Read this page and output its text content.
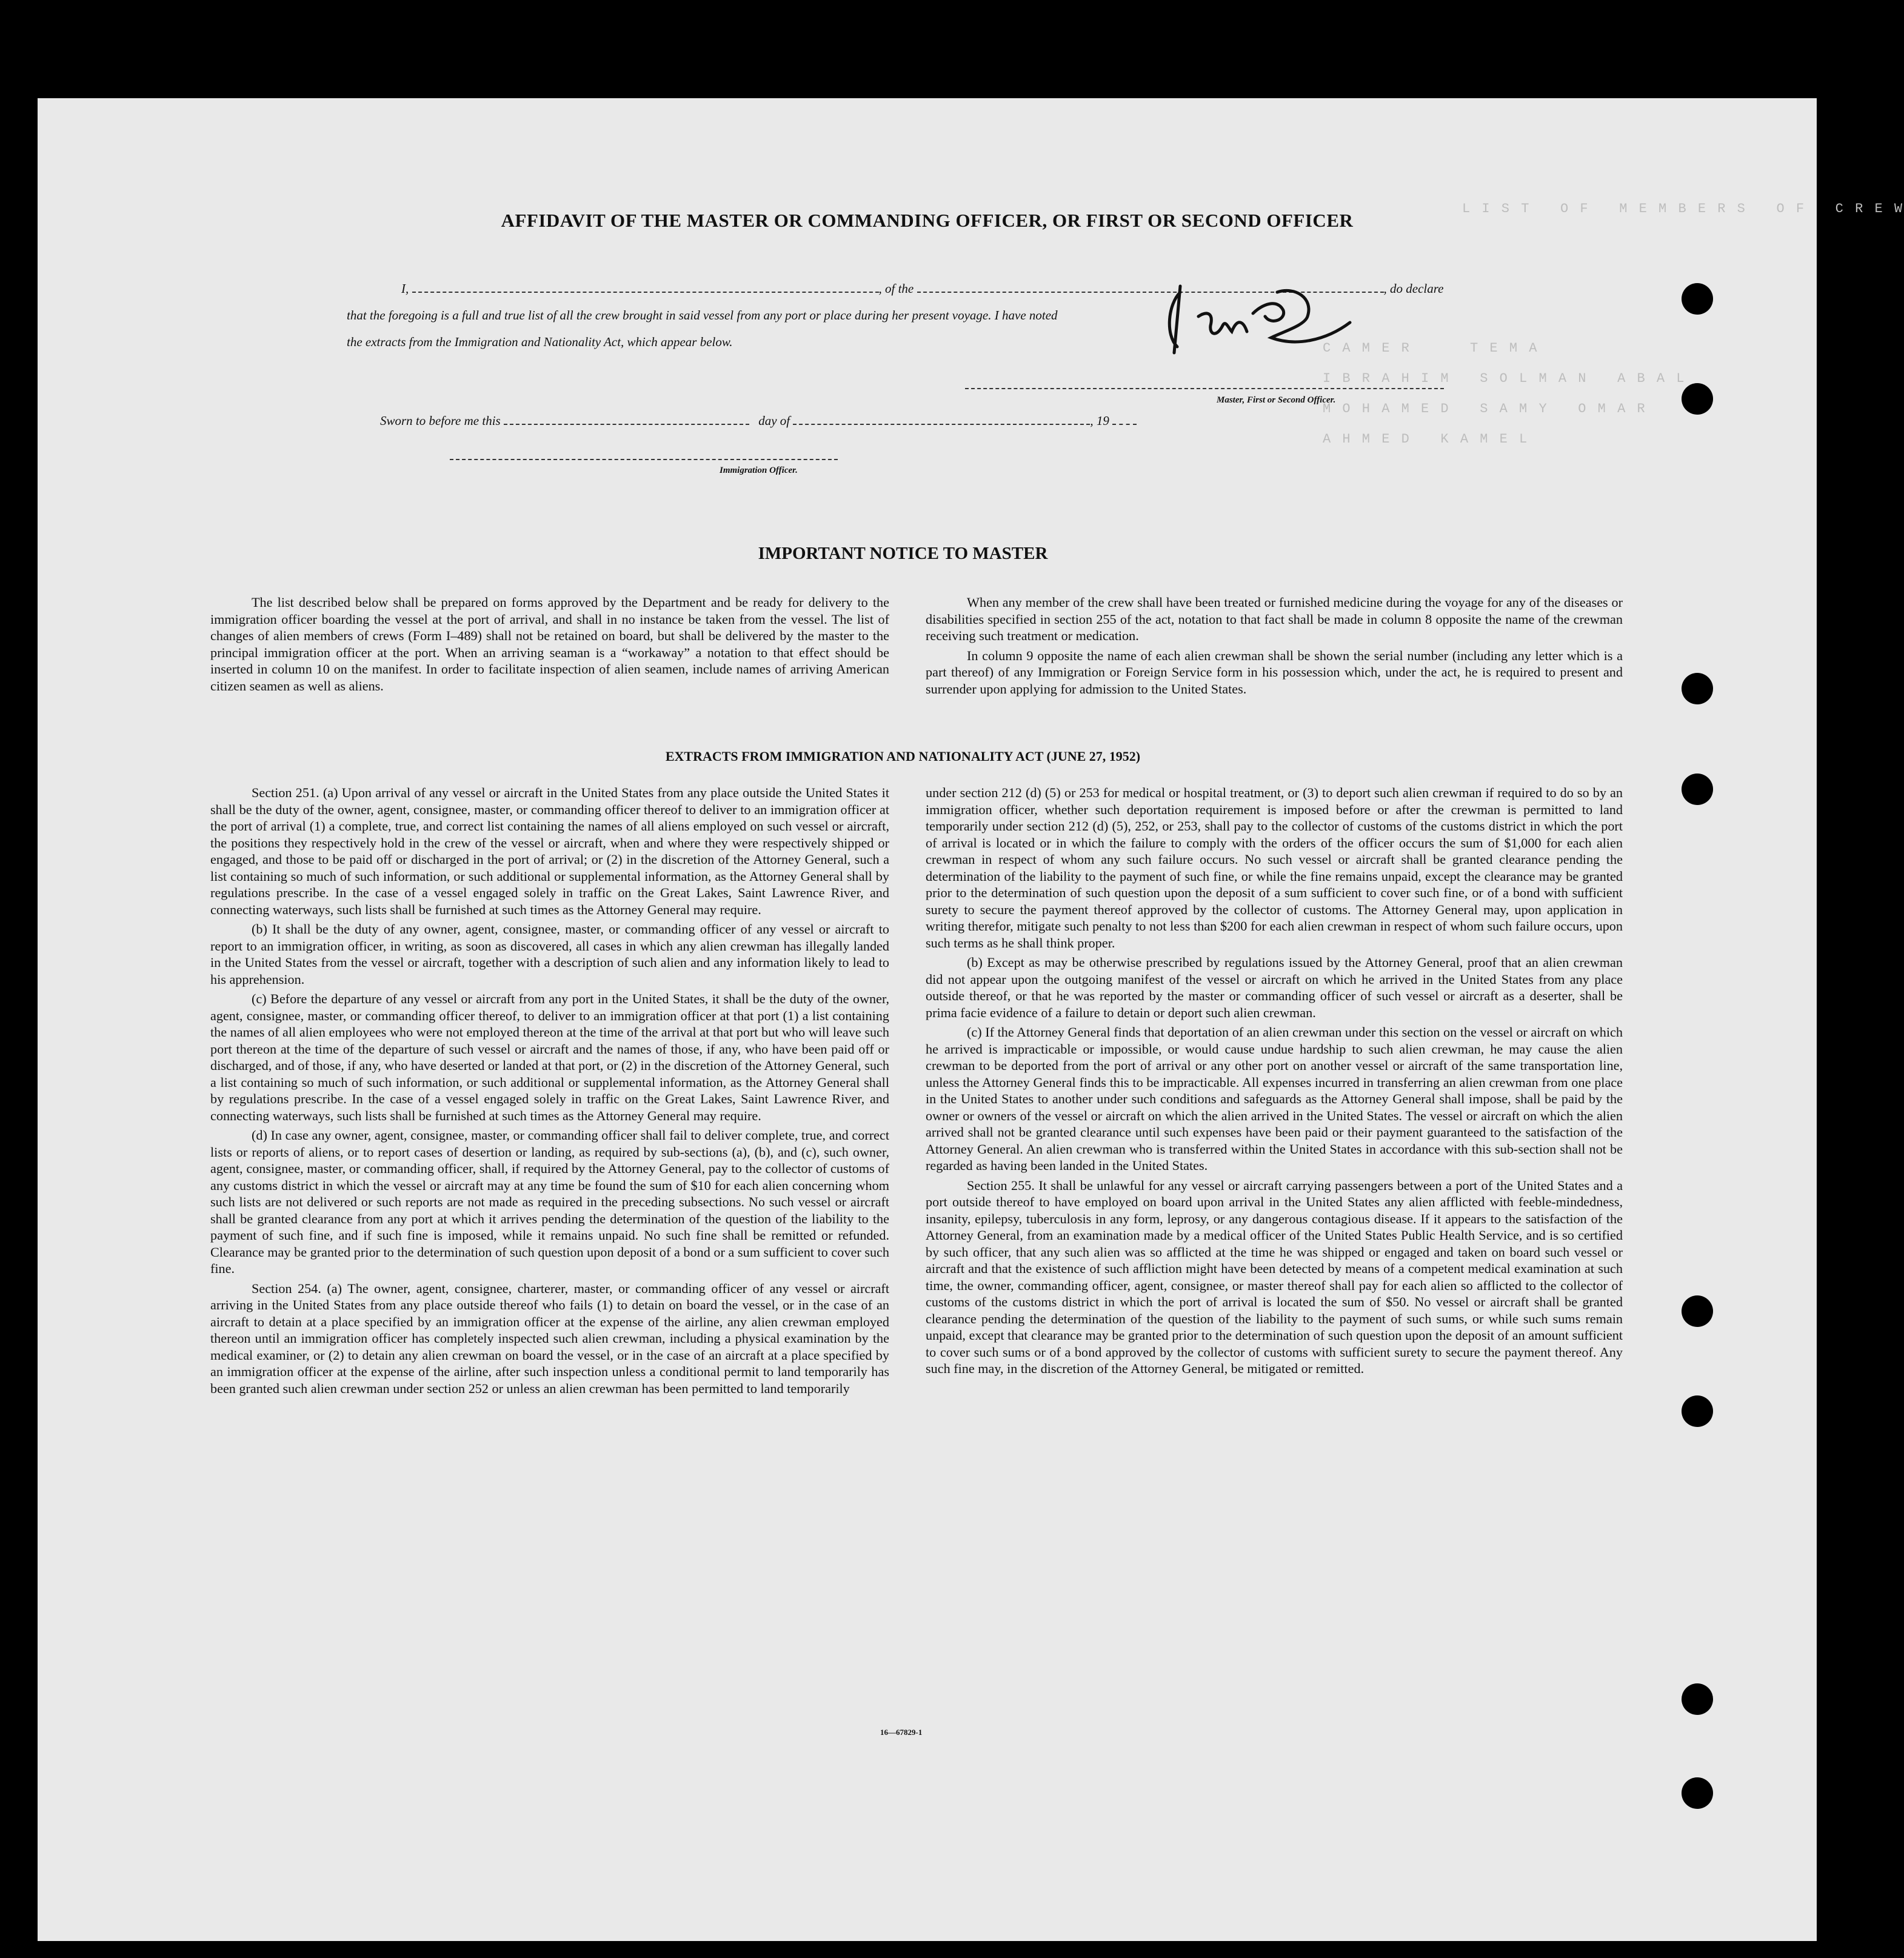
L I S T   O F   M E M B E R S   O F   C R E W
C A M E R      T E M A
I B R A H I M   S O L M A N   A B A L
M O H A M E D   S A M Y   O M A R
A H M E D   K A M E L
AFFIDAVIT OF THE MASTER OR COMMANDING OFFICER, OR FIRST OR SECOND OFFICER
I,	, of the	, do declare
that the foregoing is a full and true list of all the crew brought in said vessel from any port or place during her present voyage. I have noted
the extracts from the Immigration and Nationality Act, which appear below.
Master, First or Second Officer.
Sworn to before me this	day of	, 19
Immigration Officer.
IMPORTANT NOTICE TO MASTER

The list described below shall be prepared on forms approved by the Department and be ready for delivery to the immigration officer boarding the vessel at the port of arrival, and shall in no instance be taken from the vessel. The list of changes of alien members of crews (Form I–489) shall not be retained on board, but shall be delivered by the master to the principal immigration officer at the port. When an arriving seaman is a “workaway” a notation to that effect should be inserted in column 10 on the manifest. In order to facilitate inspection of alien seamen, include names of arriving American citizen seamen as well as aliens.

When any member of the crew shall have been treated or furnished medicine during the voyage for any of the diseases or disabilities specified in section 255 of the act, notation to that fact shall be made in column 8 opposite the name of the crewman receiving such treatment or medication.

In column 9 opposite the name of each alien crewman shall be shown the serial number (including any letter which is a part thereof) of any Immigration or Foreign Service form in his possession which, under the act, he is required to present and surrender upon applying for admission to the United States.

EXTRACTS FROM IMMIGRATION AND NATIONALITY ACT (JUNE 27, 1952)

Section 251. (a) Upon arrival of any vessel or aircraft in the United States from any place outside the United States it shall be the duty of the owner, agent, consignee, master, or commanding officer thereof to deliver to an immigration officer at the port of arrival (1) a complete, true, and correct list containing the names of all aliens employed on such vessel or aircraft, the positions they respectively hold in the crew of the vessel or aircraft, when and where they were respectively shipped or engaged, and those to be paid off or discharged in the port of arrival; or (2) in the discretion of the Attorney General, such a list containing so much of such information, or such additional or supplemental information, as the Attorney General shall by regulations prescribe. In the case of a vessel engaged solely in traffic on the Great Lakes, Saint Lawrence River, and connecting waterways, such lists shall be furnished at such times as the Attorney General may require.

(b) It shall be the duty of any owner, agent, consignee, master, or commanding officer of any vessel or aircraft to report to an immigration officer, in writing, as soon as discovered, all cases in which any alien crewman has illegally landed in the United States from the vessel or aircraft, together with a description of such alien and any information likely to lead to his apprehension.

(c) Before the departure of any vessel or aircraft from any port in the United States, it shall be the duty of the owner, agent, consignee, master, or commanding officer thereof, to deliver to an immigration officer at that port (1) a list containing the names of all alien employees who were not employed thereon at the time of the arrival at that port but who will leave such port thereon at the time of the departure of such vessel or aircraft and the names of those, if any, who have been paid off or discharged, and of those, if any, who have deserted or landed at that port, or (2) in the discretion of the Attorney General, such a list containing so much of such information, or such additional or supplemental information, as the Attorney General shall by regulations prescribe. In the case of a vessel engaged solely in traffic on the Great Lakes, Saint Lawrence River, and connecting waterways, such lists shall be furnished at such times as the Attorney General may require.

(d) In case any owner, agent, consignee, master, or commanding officer shall fail to deliver complete, true, and correct lists or reports of aliens, or to report cases of desertion or landing, as required by sub-sections (a), (b), and (c), such owner, agent, consignee, master, or commanding officer, shall, if required by the Attorney General, pay to the collector of customs of any customs district in which the vessel or aircraft may at any time be found the sum of $10 for each alien concerning whom such lists are not delivered or such reports are not made as required in the preceding subsections. No such vessel or aircraft shall be granted clearance from any port at which it arrives pending the determination of the question of the liability to the payment of such fine, and if such fine is imposed, while it remains unpaid. No such fine shall be remitted or refunded. Clearance may be granted prior to the determination of such question upon deposit of a bond or a sum sufficient to cover such fine.

Section 254. (a) The owner, agent, consignee, charterer, master, or commanding officer of any vessel or aircraft arriving in the United States from any place outside thereof who fails (1) to detain on board the vessel, or in the case of an aircraft to detain at a place specified by an immigration officer at the expense of the airline, any alien crewman employed thereon until an immigration officer has completely inspected such alien crewman, including a physical examination by the medical examiner, or (2) to detain any alien crewman on board the vessel, or in the case of an aircraft at a place specified by an immigration officer at the expense of the airline, after such inspection unless a conditional permit to land temporarily has been granted such alien crewman under section 252 or unless an alien crewman has been permitted to land temporarily

under section 212 (d) (5) or 253 for medical or hospital treatment, or (3) to deport such alien crewman if required to do so by an immigration officer, whether such deportation requirement is imposed before or after the crewman is permitted to land temporarily under section 212 (d) (5), 252, or 253, shall pay to the collector of customs of the customs district in which the port of arrival is located or in which the failure to comply with the orders of the officer occurs the sum of $1,000 for each alien crewman in respect of whom any such failure occurs. No such vessel or aircraft shall be granted clearance pending the determination of the liability to the payment of such fine, or while the fine remains unpaid, except the clearance may be granted prior to the determination of such question upon the deposit of a sum sufficient to cover such fine, or of a bond with sufficient surety to secure the payment thereof approved by the collector of customs. The Attorney General may, upon application in writing therefor, mitigate such penalty to not less than $200 for each alien crewman in respect of whom such failure occurs, upon such terms as he shall think proper.

(b) Except as may be otherwise prescribed by regulations issued by the Attorney General, proof that an alien crewman did not appear upon the outgoing manifest of the vessel or aircraft on which he arrived in the United States from any place outside thereof, or that he was reported by the master or commanding officer of such vessel or aircraft as a deserter, shall be prima facie evidence of a failure to detain or deport such alien crewman.

(c) If the Attorney General finds that deportation of an alien crewman under this section on the vessel or aircraft on which he arrived is impracticable or impossible, or would cause undue hardship to such alien crewman, he may cause the alien crewman to be deported from the port of arrival or any other port on another vessel or aircraft of the same transportation line, unless the Attorney General finds this to be impracticable. All expenses incurred in transferring an alien crewman from one place in the United States to another under such conditions and safeguards as the Attorney General shall impose, shall be paid by the owner or owners of the vessel or aircraft on which the alien arrived in the United States. The vessel or aircraft on which the alien arrived shall not be granted clearance until such expenses have been paid or their payment guaranteed to the satisfaction of the Attorney General. An alien crewman who is transferred within the United States in accordance with this sub-section shall not be regarded as having been landed in the United States.

Section 255. It shall be unlawful for any vessel or aircraft carrying passengers between a port of the United States and a port outside thereof to have employed on board upon arrival in the United States any alien afflicted with feeble-mindedness, insanity, epilepsy, tuberculosis in any form, leprosy, or any dangerous contagious disease. If it appears to the satisfaction of the Attorney General, from an examination made by a medical officer of the United States Public Health Service, and is so certified by such officer, that any such alien was so afflicted at the time he was shipped or engaged and taken on board such vessel or aircraft and that the existence of such affliction might have been detected by means of a competent medical examination at such time, the owner, commanding officer, agent, consignee, or master thereof shall pay for each alien so afflicted to the collector of customs of the customs district in which the port of arrival is located the sum of $50. No vessel or aircraft shall be granted clearance pending the determination of the question of the liability to the payment of such sums, or while such sums remain unpaid, except that clearance may be granted prior to the determination of such question upon the deposit of an amount sufficient to cover such sums or of a bond approved by the collector of customs with sufficient surety to secure the payment thereof. Any such fine may, in the discretion of the Attorney General, be mitigated or remitted.

16—67829-1
